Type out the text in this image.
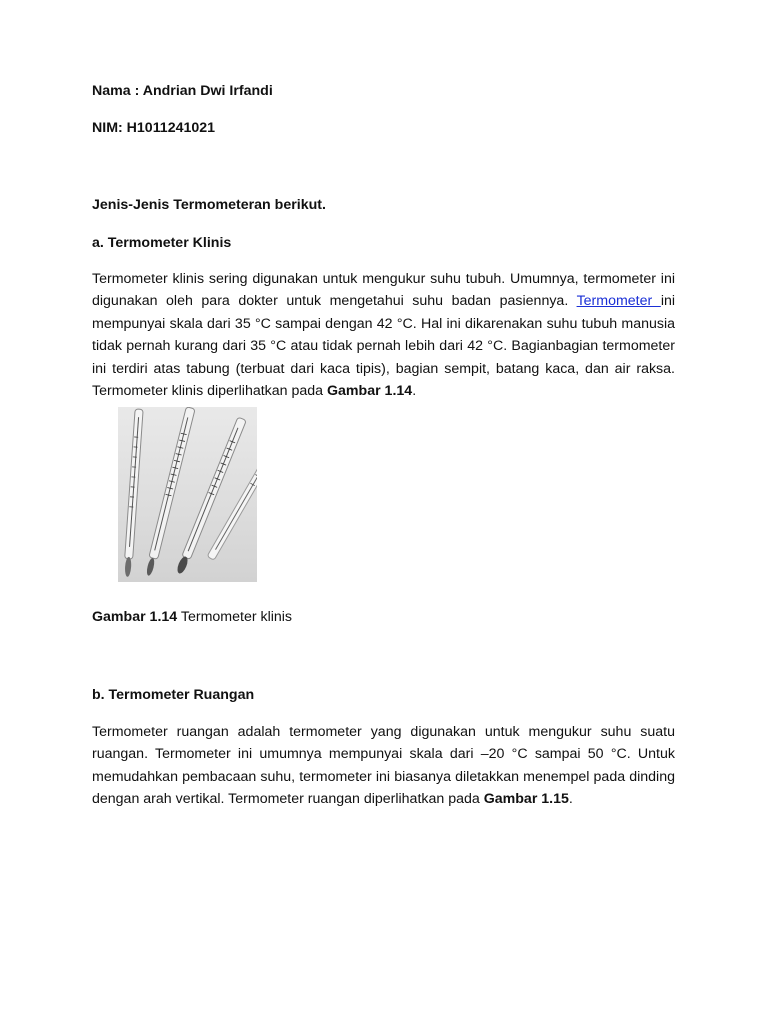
Nama : Andrian Dwi Irfandi
NIM: H1011241021
Jenis-Jenis Termometeran berikut.
a. Termometer Klinis
Termometer klinis sering digunakan untuk mengukur suhu tubuh. Umumnya, termometer ini digunakan oleh para dokter untuk mengetahui suhu badan pasiennya. Termometer ini mempunyai skala dari 35 °C sampai dengan 42 °C. Hal ini dikarenakan suhu tubuh manusia tidak pernah kurang dari 35 °C atau tidak pernah lebih dari 42 °C. Bagianbagian termometer ini terdiri atas tabung (terbuat dari kaca tipis), bagian sempit, batang kaca, dan air raksa. Termometer klinis diperlihatkan pada Gambar 1.14.
Gambar 1.14 Termometer klinis
b. Termometer Ruangan
Termometer ruangan adalah termometer yang digunakan untuk mengukur suhu suatu ruangan. Termometer ini umumnya mempunyai skala dari –20 °C sampai 50 °C. Untuk memudahkan pembacaan suhu, termometer ini biasanya diletakkan menempel pada dinding dengan arah vertikal. Termometer ruangan diperlihatkan pada Gambar 1.15.
